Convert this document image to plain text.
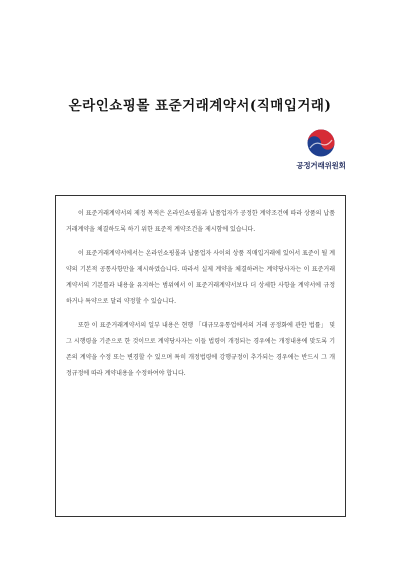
온라인쇼핑몰 표준거래계약서(직매입거래)
공정거래위원회

이 표준거래계약서의 제정 목적은 온라인쇼핑몰과 납품업자가 공정한 계약조건에 따라 상품의 납품거래계약을 체결하도록 하기 위한 표준적 계약조건을 제시함에 있습니다.

이 표준거래계약서에서는 온라인쇼핑몰과 납품업자 사이의 상품 직매입거래에 있어서 표준이 될 계약의 기본적 공통사항만을 제시하였습니다. 따라서 실제 계약을 체결하려는 계약당사자는 이 표준거래계약서의 기본틀과 내용을 유지하는 범위에서 이 표준거래계약서보다 더 상세한 사항을 계약서에 규정하거나 특약으로 달리 약정할 수 있습니다.

또한 이 표준거래계약서의 일부 내용은 현행 「대규모유통업에서의 거래 공정화에 관한 법률」 및 그 시행령을 기준으로 한 것이므로 계약당사자는 이들 법령이 개정되는 경우에는 개정내용에 맞도록 기존의 계약을 수정 또는 변경할 수 있으며 특히 개정법령에 강행규정이 추가되는 경우에는 반드시 그 개정규정에 따라 계약내용을 수정하여야 합니다.
